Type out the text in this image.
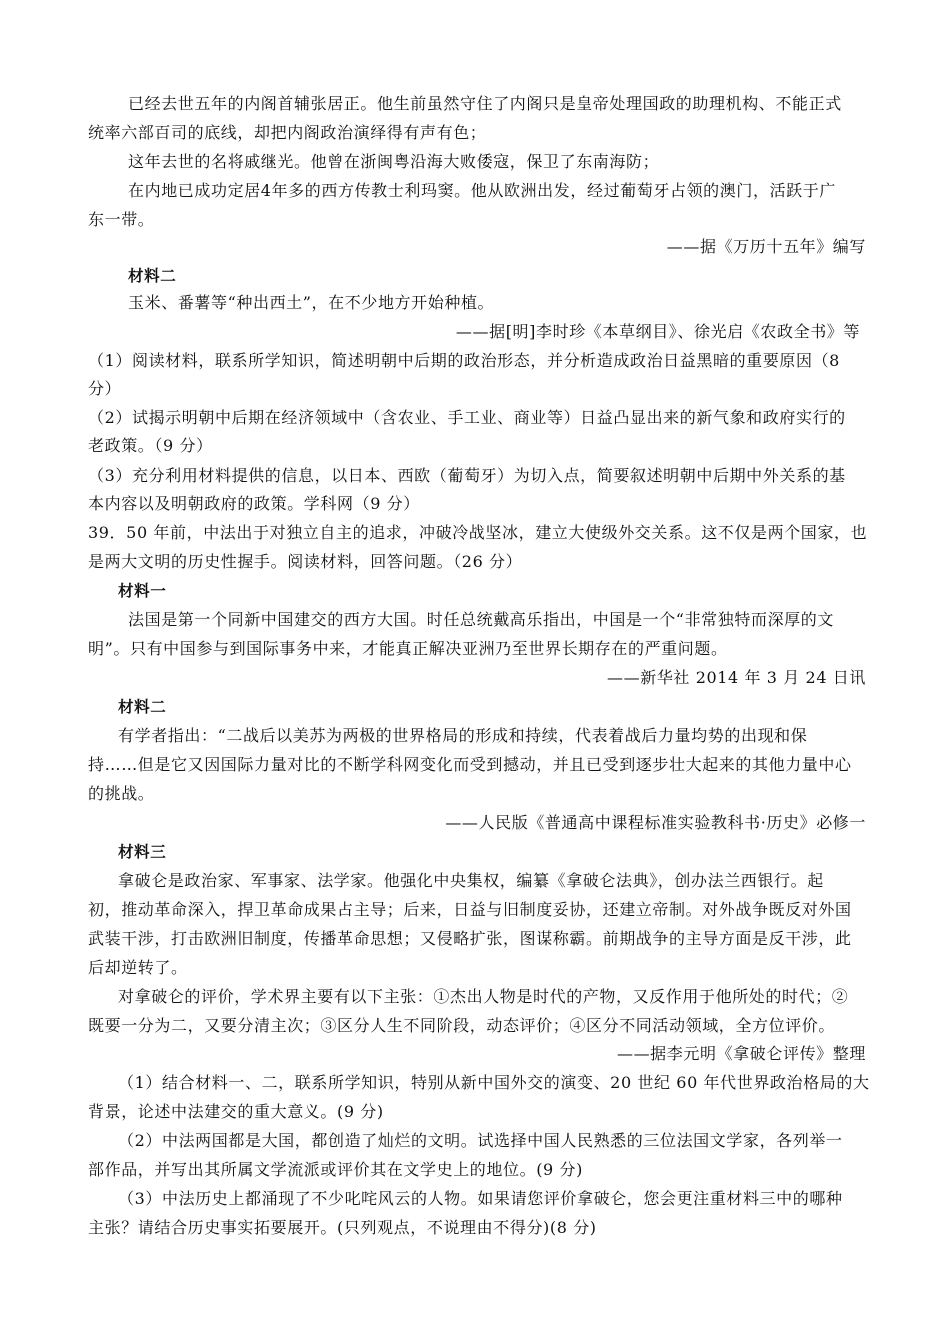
已经去世五年的内阁首辅张居正。他生前虽然守住了内阁只是皇帝处理国政的助理机构、不能正式
统率六部百司的底线，却把内阁政治演绎得有声有色；
这年去世的名将戚继光。他曾在浙闽粤沿海大败倭寇，保卫了东南海防；
在内地已成功定居4年多的西方传教士利玛窦。他从欧洲出发，经过葡萄牙占领的澳门，活跃于广
东一带。
——据《万历十五年》编写
材料二
玉米、番薯等“种出西土”，在不少地方开始种植。
——据[明]李时珍《本草纲目》、徐光启《农政全书》等
（1）阅读材料，联系所学知识，简述明朝中后期的政治形态，并分析造成政治日益黑暗的重要原因（8
分）
（2）试揭示明朝中后期在经济领域中（含农业、手工业、商业等）日益凸显出来的新气象和政府实行的
老政策。（9 分）
（3）充分利用材料提供的信息，以日本、西欧（葡萄牙）为切入点，简要叙述明朝中后期中外关系的基
本内容以及明朝政府的政策。学科网（9 分）
39．50 年前，中法出于对独立自主的追求，冲破冷战坚冰，建立大使级外交关系。这不仅是两个国家，也
是两大文明的历史性握手。阅读材料，回答问题。（26 分）
材料一
法国是第一个同新中国建交的西方大国。时任总统戴高乐指出，中国是一个“非常独特而深厚的文
明”。只有中国参与到国际事务中来，才能真正解决亚洲乃至世界长期存在的严重问题。
——新华社 2014 年 3 月 24 日讯
材料二
有学者指出：“二战后以美苏为两极的世界格局的形成和持续，代表着战后力量均势的出现和保
持……但是它又因国际力量对比的不断学科网变化而受到撼动，并且已受到逐步壮大起来的其他力量中心
的挑战。
——人民版《普通高中课程标准实验教科书·历史》必修一
材料三
拿破仑是政治家、军事家、法学家。他强化中央集权，编纂《拿破仑法典》，创办法兰西银行。起
初，推动革命深入，捍卫革命成果占主导；后来，日益与旧制度妥协，还建立帝制。对外战争既反对外国
武装干涉，打击欧洲旧制度，传播革命思想；又侵略扩张，图谋称霸。前期战争的主导方面是反干涉，此
后却逆转了。
对拿破仑的评价，学术界主要有以下主张：①杰出人物是时代的产物，又反作用于他所处的时代；②
既要一分为二，又要分清主次；③区分人生不同阶段，动态评价；④区分不同活动领域，全方位评价。
——据李元明《拿破仑评传》整理
（1）结合材料一、二，联系所学知识，特别从新中国外交的演变、20 世纪 60 年代世界政治格局的大
背景，论述中法建交的重大意义。(9 分)
（2）中法两国都是大国，都创造了灿烂的文明。试选择中国人民熟悉的三位法国文学家，各列举一
部作品，并写出其所属文学流派或评价其在文学史上的地位。(9 分)
（3）中法历史上都涌现了不少叱咤风云的人物。如果请您评价拿破仑，您会更注重材料三中的哪种
主张？请结合历史事实拓要展开。(只列观点，不说理由不得分)(8 分)
